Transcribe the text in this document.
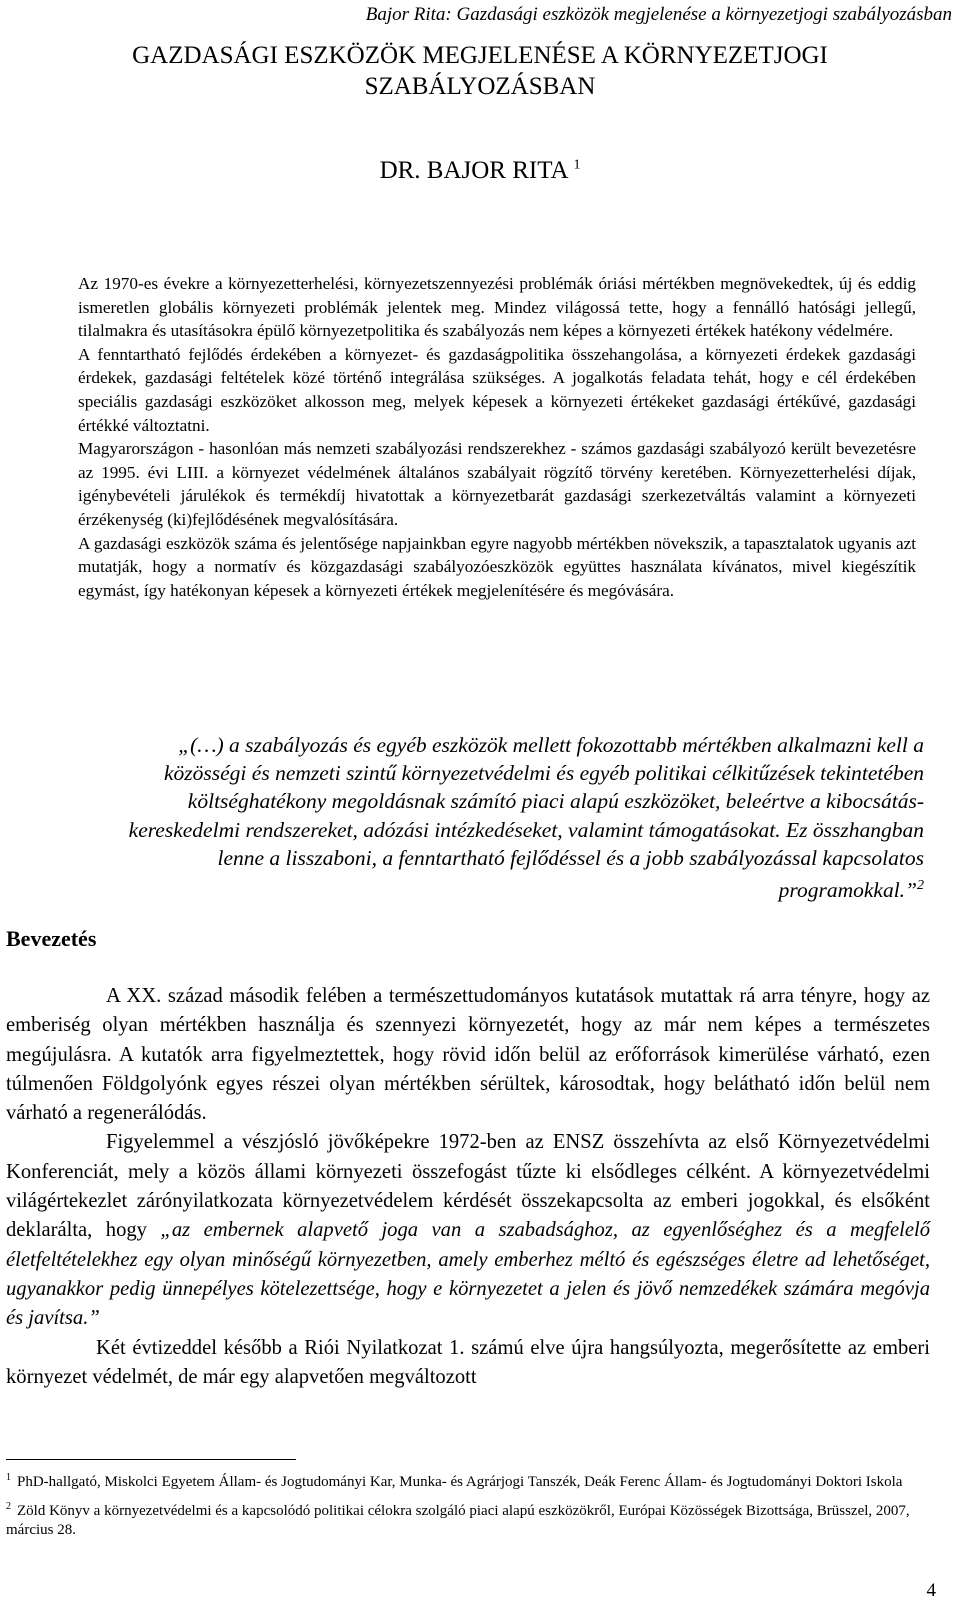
Bajor Rita: Gazdasági eszközök megjelenése a környezetjogi szabályozásban
GAZDASÁGI ESZKÖZÖK MEGJELENÉSE A KÖRNYEZETJOGI
SZABÁLYOZÁSBAN
DR. BAJOR RITA $^1$

Az 1970-es évekre a környezetterhelési, környezetszennyezési problémák óriási mértékben megnövekedtek, új és eddig ismeretlen globális környezeti problémák jelentek meg. Mindez világossá tette, hogy a fennálló hatósági jellegű, tilalmakra és utasításokra épülő környezetpolitika és szabályozás nem képes a környezeti értékek hatékony védelmére.

A fenntartható fejlődés érdekében a környezet- és gazdaságpolitika összehangolása, a környezeti érdekek gazdasági érdekek, gazdasági feltételek közé történő integrálása szükséges. A jogalkotás feladata tehát, hogy e cél érdekében speciális gazdasági eszközöket alkosson meg, melyek képesek a környezeti értékeket gazdasági értékűvé, gazdasági értékké változtatni.

Magyarországon - hasonlóan más nemzeti szabályozási rendszerekhez - számos gazdasági szabályozó került bevezetésre az 1995. évi LIII. a környezet védelmének általános szabályait rögzítő törvény keretében. Környezetterhelési díjak, igénybevételi járulékok és termékdíj hivatottak a környezetbarát gazdasági szerkezetváltás valamint a környezeti érzékenység (ki)fejlődésének megvalósítására.

A gazdasági eszközök száma és jelentősége napjainkban egyre nagyobb mértékben növekszik, a tapasztalatok ugyanis azt mutatják, hogy a normatív és közgazdasági szabályozóeszközök együttes használata kívánatos, mivel kiegészítik egymást, így hatékonyan képesek a környezeti értékek megjelenítésére és megóvására.

„(…) a szabályozás és egyéb eszközök mellett fokozottabb mértékben alkalmazni kell a
közösségi és nemzeti szintű környezetvédelmi és egyéb politikai célkitűzések tekintetében
költséghatékony megoldásnak számító piaci alapú eszközöket, beleértve a kibocsátás-
kereskedelmi rendszereket, adózási intézkedéseket, valamint támogatásokat. Ez összhangban
lenne a lisszaboni, a fenntartható fejlődéssel és a jobb szabályozással kapcsolatos
programokkal.”$^2$
Bevezetés

A XX. század második felében a természettudományos kutatások mutattak rá arra tényre, hogy az emberiség olyan mértékben használja és szennyezi környezetét, hogy az már nem képes a természetes megújulásra. A kutatók arra figyelmeztettek, hogy rövid időn belül az erőforrások kimerülése várható, ezen túlmenően Földgolyónk egyes részei olyan mértékben sérültek, károsodtak, hogy belátható időn belül nem várható a regenerálódás.

Figyelemmel a vészjósló jövőképekre 1972-ben az ENSZ összehívta az első Környezetvédelmi Konferenciát, mely a közös állami környezeti összefogást tűzte ki elsődleges célként. A környezetvédelmi világértekezlet zárónyilatkozata környezetvédelem kérdését összekapcsolta az emberi jogokkal, és elsőként deklarálta, hogy „az embernek alapvető joga van a szabadsághoz, az egyenlőséghez és a megfelelő életfeltételekhez egy olyan minőségű környezetben, amely emberhez méltó és egészséges életre ad lehetőséget, ugyanakkor pedig ünnepélyes kötelezettsége, hogy e környezetet a jelen és jövő nemzedékek számára megóvja és javítsa.”

Két évtizeddel később a Riói Nyilatkozat 1. számú elve újra hangsúlyozta, megerősítette az emberi környezet védelmét, de már egy alapvetően megváltozott

$^1$ PhD-hallgató, Miskolci Egyetem Állam- és Jogtudományi Kar, Munka- és Agrárjogi Tanszék, Deák Ferenc Állam- és Jogtudományi Doktori Iskola

$^2$ Zöld Könyv a környezetvédelmi és a kapcsolódó politikai célokra szolgáló piaci alapú eszközökről, Európai Közösségek Bizottsága, Brüsszel, 2007, március 28.

4
